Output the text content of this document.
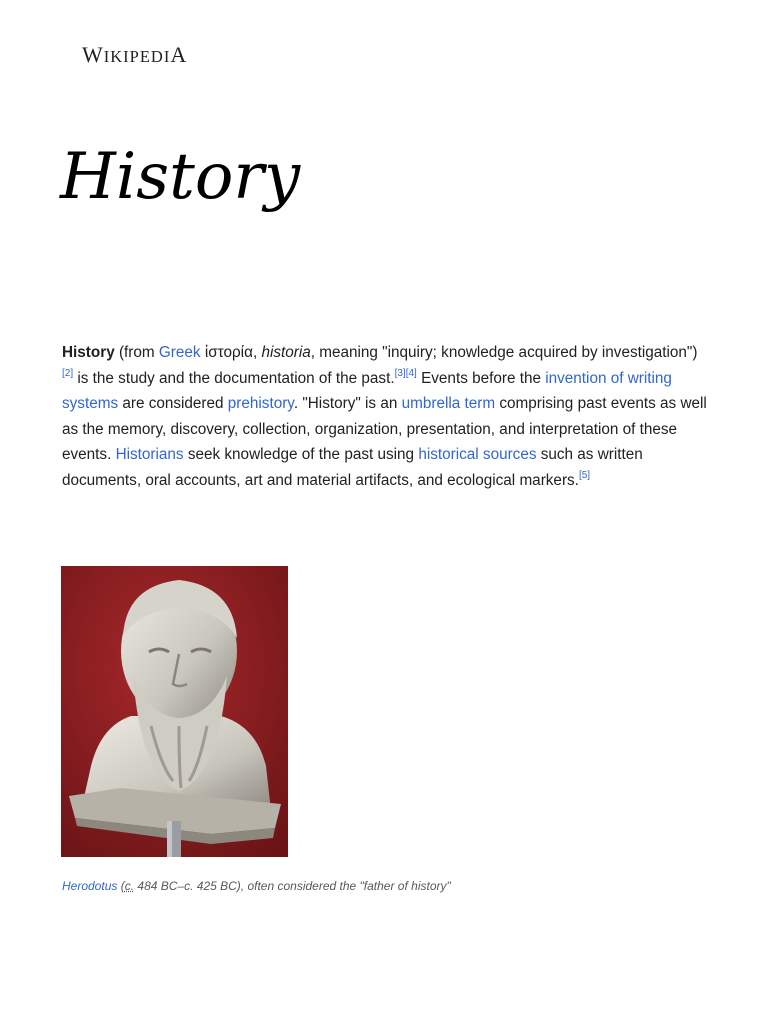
WIKIPEDIA
History

History (from Greek ἱστορία, historia, meaning "inquiry; knowledge acquired by investigation")[2] is the study and the documentation of the past.[3][4] Events before the invention of writing systems are considered prehistory. "History" is an umbrella term comprising past events as well as the memory, discovery, collection, organization, presentation, and interpretation of these events. Historians seek knowledge of the past using historical sources such as written documents, oral accounts, art and material artifacts, and ecological markers.[5]

Herodotus (c. 484 BC–c. 425 BC), often considered the "father of history"
